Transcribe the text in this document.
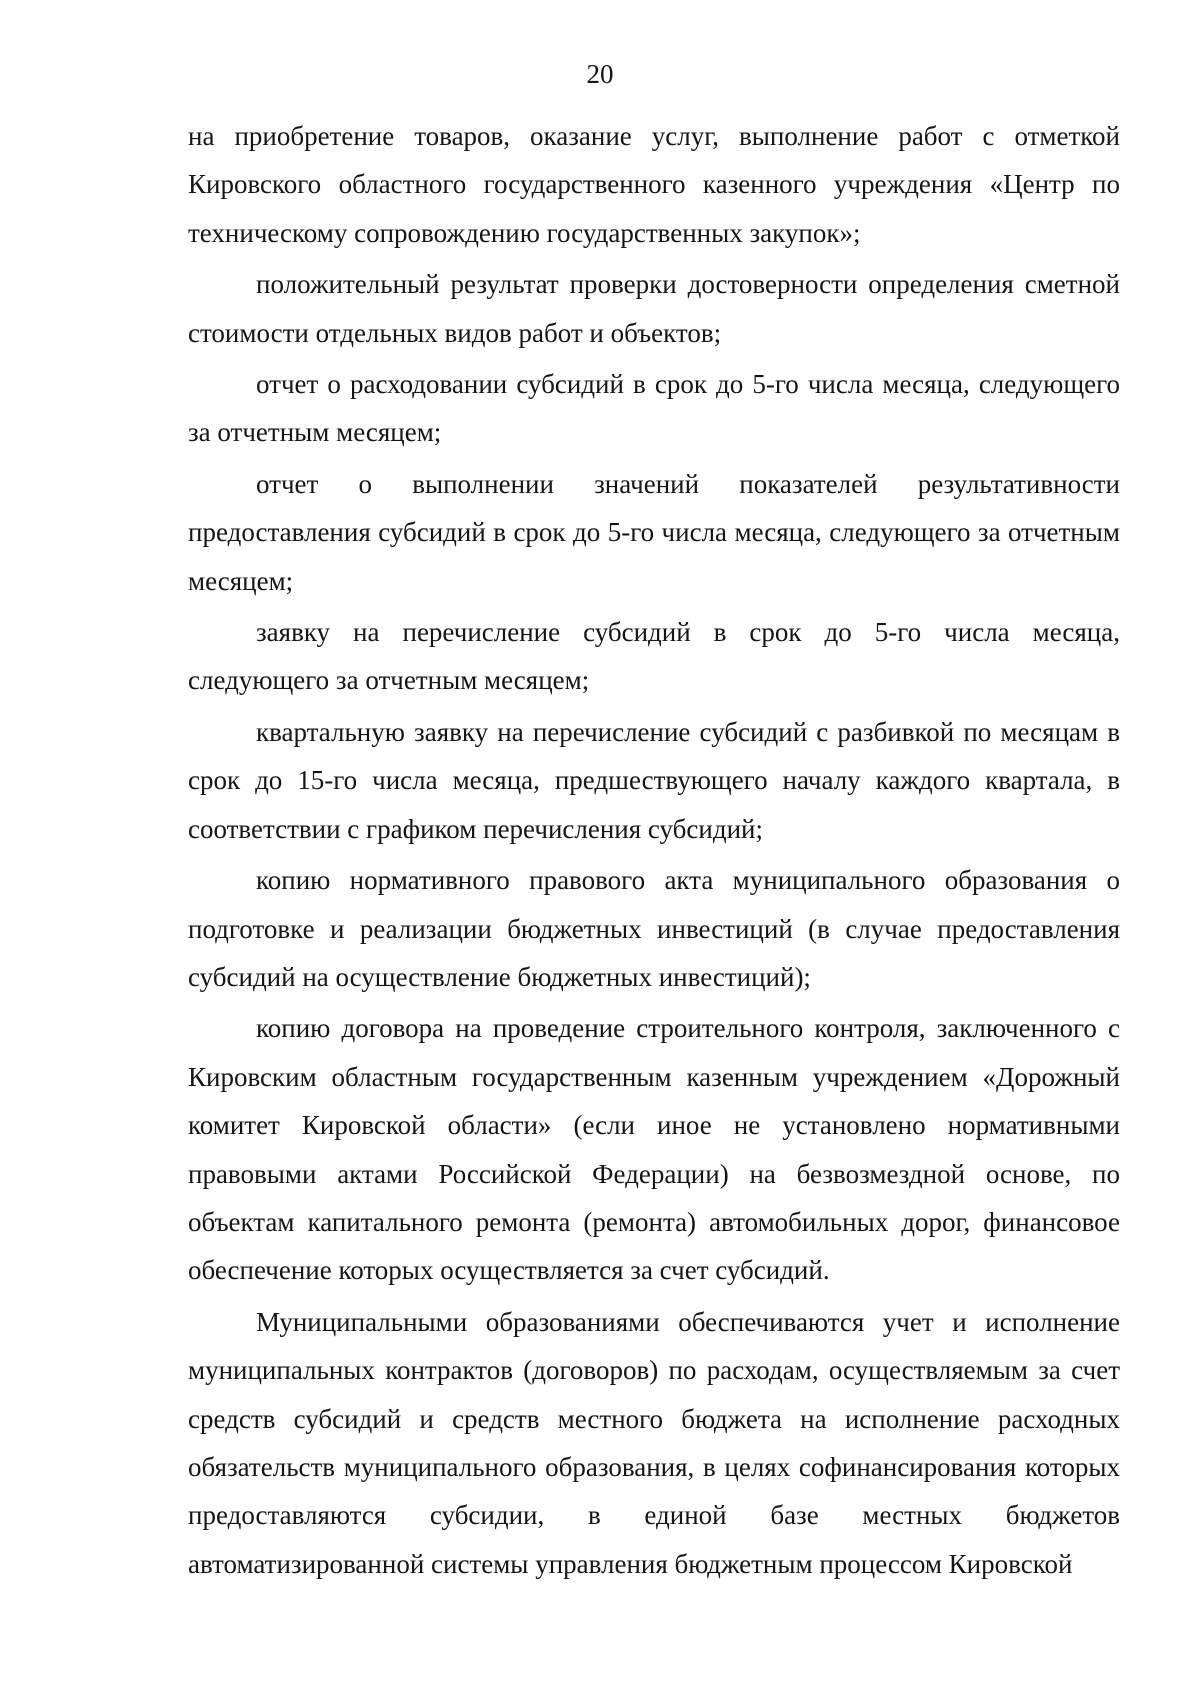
20

на приобретение товаров, оказание услуг, выполнение работ с отметкой Кировского областного государственного казенного учреждения «Центр по техническому сопровождению государственных закупок»;

положительный результат проверки достоверности определения сметной стоимости отдельных видов работ и объектов;

отчет о расходовании субсидий в срок до 5-го числа месяца, следующего за отчетным месяцем;

отчет о выполнении значений показателей результативности предоставления субсидий в срок до 5-го числа месяца, следующего за отчетным месяцем;

заявку на перечисление субсидий в срок до 5-го числа месяца, следующего за отчетным месяцем;

квартальную заявку на перечисление субсидий с разбивкой по месяцам в срок до 15-го числа месяца, предшествующего началу каждого квартала, в соответствии с графиком перечисления субсидий;

копию нормативного правового акта муниципального образования о подготовке и реализации бюджетных инвестиций (в случае предоставления субсидий на осуществление бюджетных инвестиций);

копию договора на проведение строительного контроля, заключенного с Кировским областным государственным казенным учреждением «Дорожный комитет Кировской области» (если иное не установлено нормативными правовыми актами Российской Федерации) на безвозмездной основе, по объектам капитального ремонта (ремонта) автомобильных дорог, финансовое обеспечение которых осуществляется за счет субсидий.

Муниципальными образованиями обеспечиваются учет и исполнение муниципальных контрактов (договоров) по расходам, осуществляемым за счет средств субсидий и средств местного бюджета на исполнение расходных обязательств муниципального образования, в целях софинансирования которых предоставляются субсидии, в единой базе местных бюджетов автоматизированной системы управления бюджетным процессом Кировской
